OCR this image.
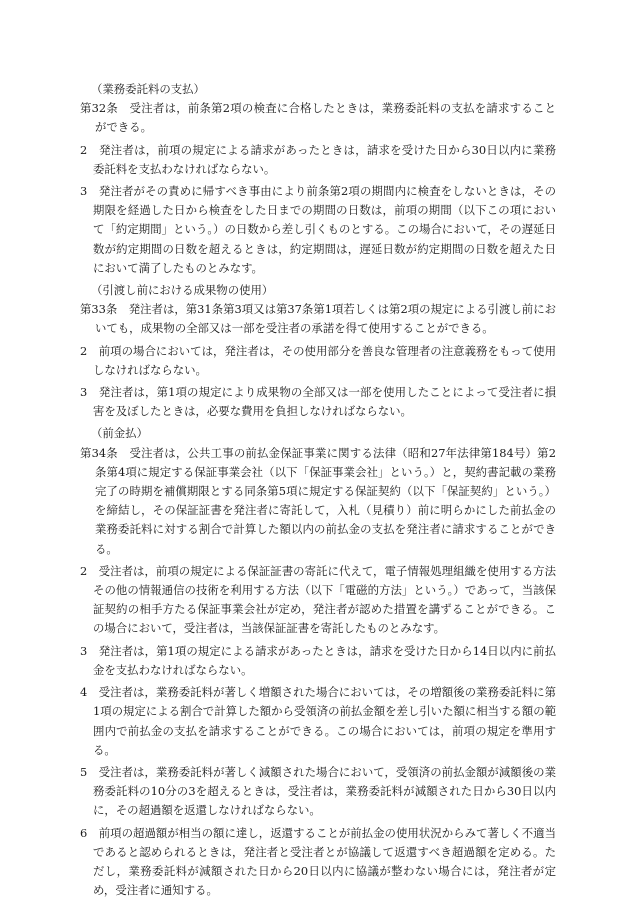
（業務委託料の支払）
第32条　受注者は，前条第2項の検査に合格したときは，業務委託料の支払を請求することができる。
2　発注者は，前項の規定による請求があったときは，請求を受けた日から30日以内に業務委託料を支払わなければならない。
3　発注者がその責めに帰すべき事由により前条第2項の期間内に検査をしないときは，その期限を経過した日から検査をした日までの期間の日数は，前項の期間（以下この項において「約定期間」という。）の日数から差し引くものとする。この場合において，その遅延日数が約定期間の日数を超えるときは，約定期間は，遅延日数が約定期間の日数を超えた日において満了したものとみなす。
（引渡し前における成果物の使用）
第33条　発注者は，第31条第3項又は第37条第1項若しくは第2項の規定による引渡し前においても，成果物の全部又は一部を受注者の承諾を得て使用することができる。
2　前項の場合においては，発注者は，その使用部分を善良な管理者の注意義務をもって使用しなければならない。
3　発注者は，第1項の規定により成果物の全部又は一部を使用したことによって受注者に損害を及ぼしたときは，必要な費用を負担しなければならない。
（前金払）
第34条　受注者は，公共工事の前払金保証事業に関する法律（昭和27年法律第184号）第2条第4項に規定する保証事業会社（以下「保証事業会社」という。）と，契約書記載の業務完了の時期を補償期限とする同条第5項に規定する保証契約（以下「保証契約」という。）を締結し，その保証証書を発注者に寄託して，入札（見積り）前に明らかにした前払金の業務委託料に対する割合で計算した額以内の前払金の支払を発注者に請求することができる。
2　受注者は，前項の規定による保証証書の寄託に代えて，電子情報処理組織を使用する方法その他の情報通信の技術を利用する方法（以下「電磁的方法」という。）であって，当該保証契約の相手方たる保証事業会社が定め，発注者が認めた措置を講ずることができる。この場合において，受注者は，当該保証証書を寄託したものとみなす。
3　発注者は，第1項の規定による請求があったときは，請求を受けた日から14日以内に前払金を支払わなければならない。
4　受注者は，業務委託料が著しく増額された場合においては，その増額後の業務委託料に第1項の規定による割合で計算した額から受領済の前払金額を差し引いた額に相当する額の範囲内で前払金の支払を請求することができる。この場合においては，前項の規定を準用する。
5　受注者は，業務委託料が著しく減額された場合において，受領済の前払金額が減額後の業務委託料の10分の3を超えるときは，受注者は，業務委託料が減額された日から30日以内に，その超過額を返還しなければならない。
6　前項の超過額が相当の額に達し，返還することが前払金の使用状況からみて著しく不適当であると認められるときは，発注者と受注者とが協議して返還すべき超過額を定める。ただし，業務委託料が減額された日から20日以内に協議が整わない場合には，発注者が定め，受注者に通知する。
